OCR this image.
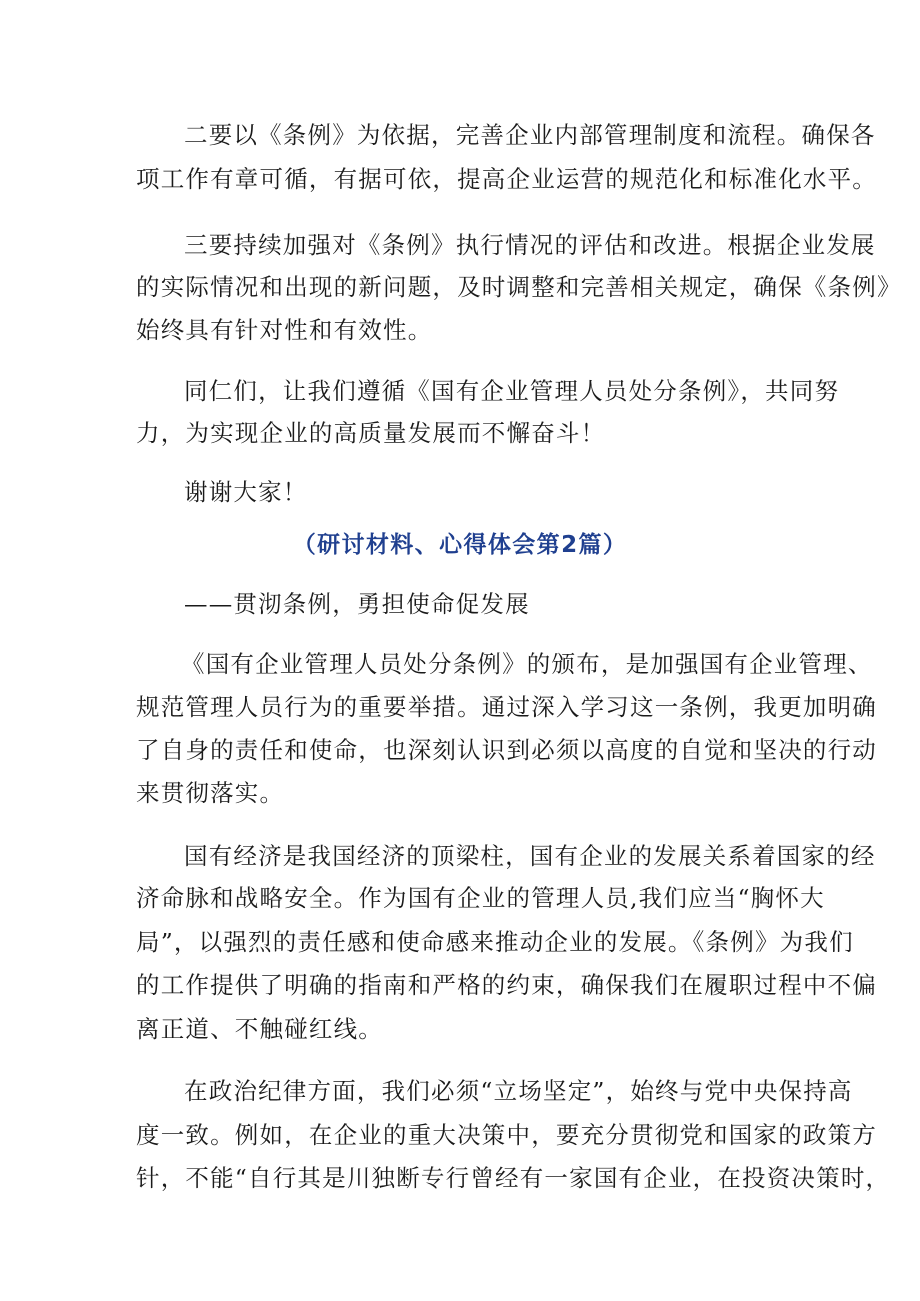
二要以《条例》为依据，完善企业内部管理制度和流程。确保各
项工作有章可循，有据可依，提高企业运营的规范化和标准化水平。
三要持续加强对《条例》执行情况的评估和改进。根据企业发展
的实际情况和出现的新问题，及时调整和完善相关规定，确保《条例》
始终具有针对性和有效性。
同仁们，让我们遵循《国有企业管理人员处分条例》，共同努
力，为实现企业的高质量发展而不懈奋斗！
谢谢大家！
（研讨材料、心得体会第2篇）
——贯沏条例，勇担使命促发展
《国有企业管理人员处分条例》的颁布，是加强国有企业管理、
规范管理人员行为的重要举措。通过深入学习这一条例，我更加明确
了自身的责任和使命，也深刻认识到必须以高度的自觉和坚决的行动
来贯彻落实。
国有经济是我国经济的顶梁柱，国有企业的发展关系着国家的经
济命脉和战略安全。作为国有企业的管理人员,我们应当“胸怀大
局”，以强烈的责任感和使命感来推动企业的发展。《条例》为我们
的工作提供了明确的指南和严格的约束，确保我们在履职过程中不偏
离正道、不触碰红线。
在政治纪律方面，我们必须“立场坚定”，始终与党中央保持高
度一致。例如，在企业的重大决策中，要充分贯彻党和国家的政策方
针，不能“自行其是川独断专行曾经有一家国有企业，在投资决策时，
